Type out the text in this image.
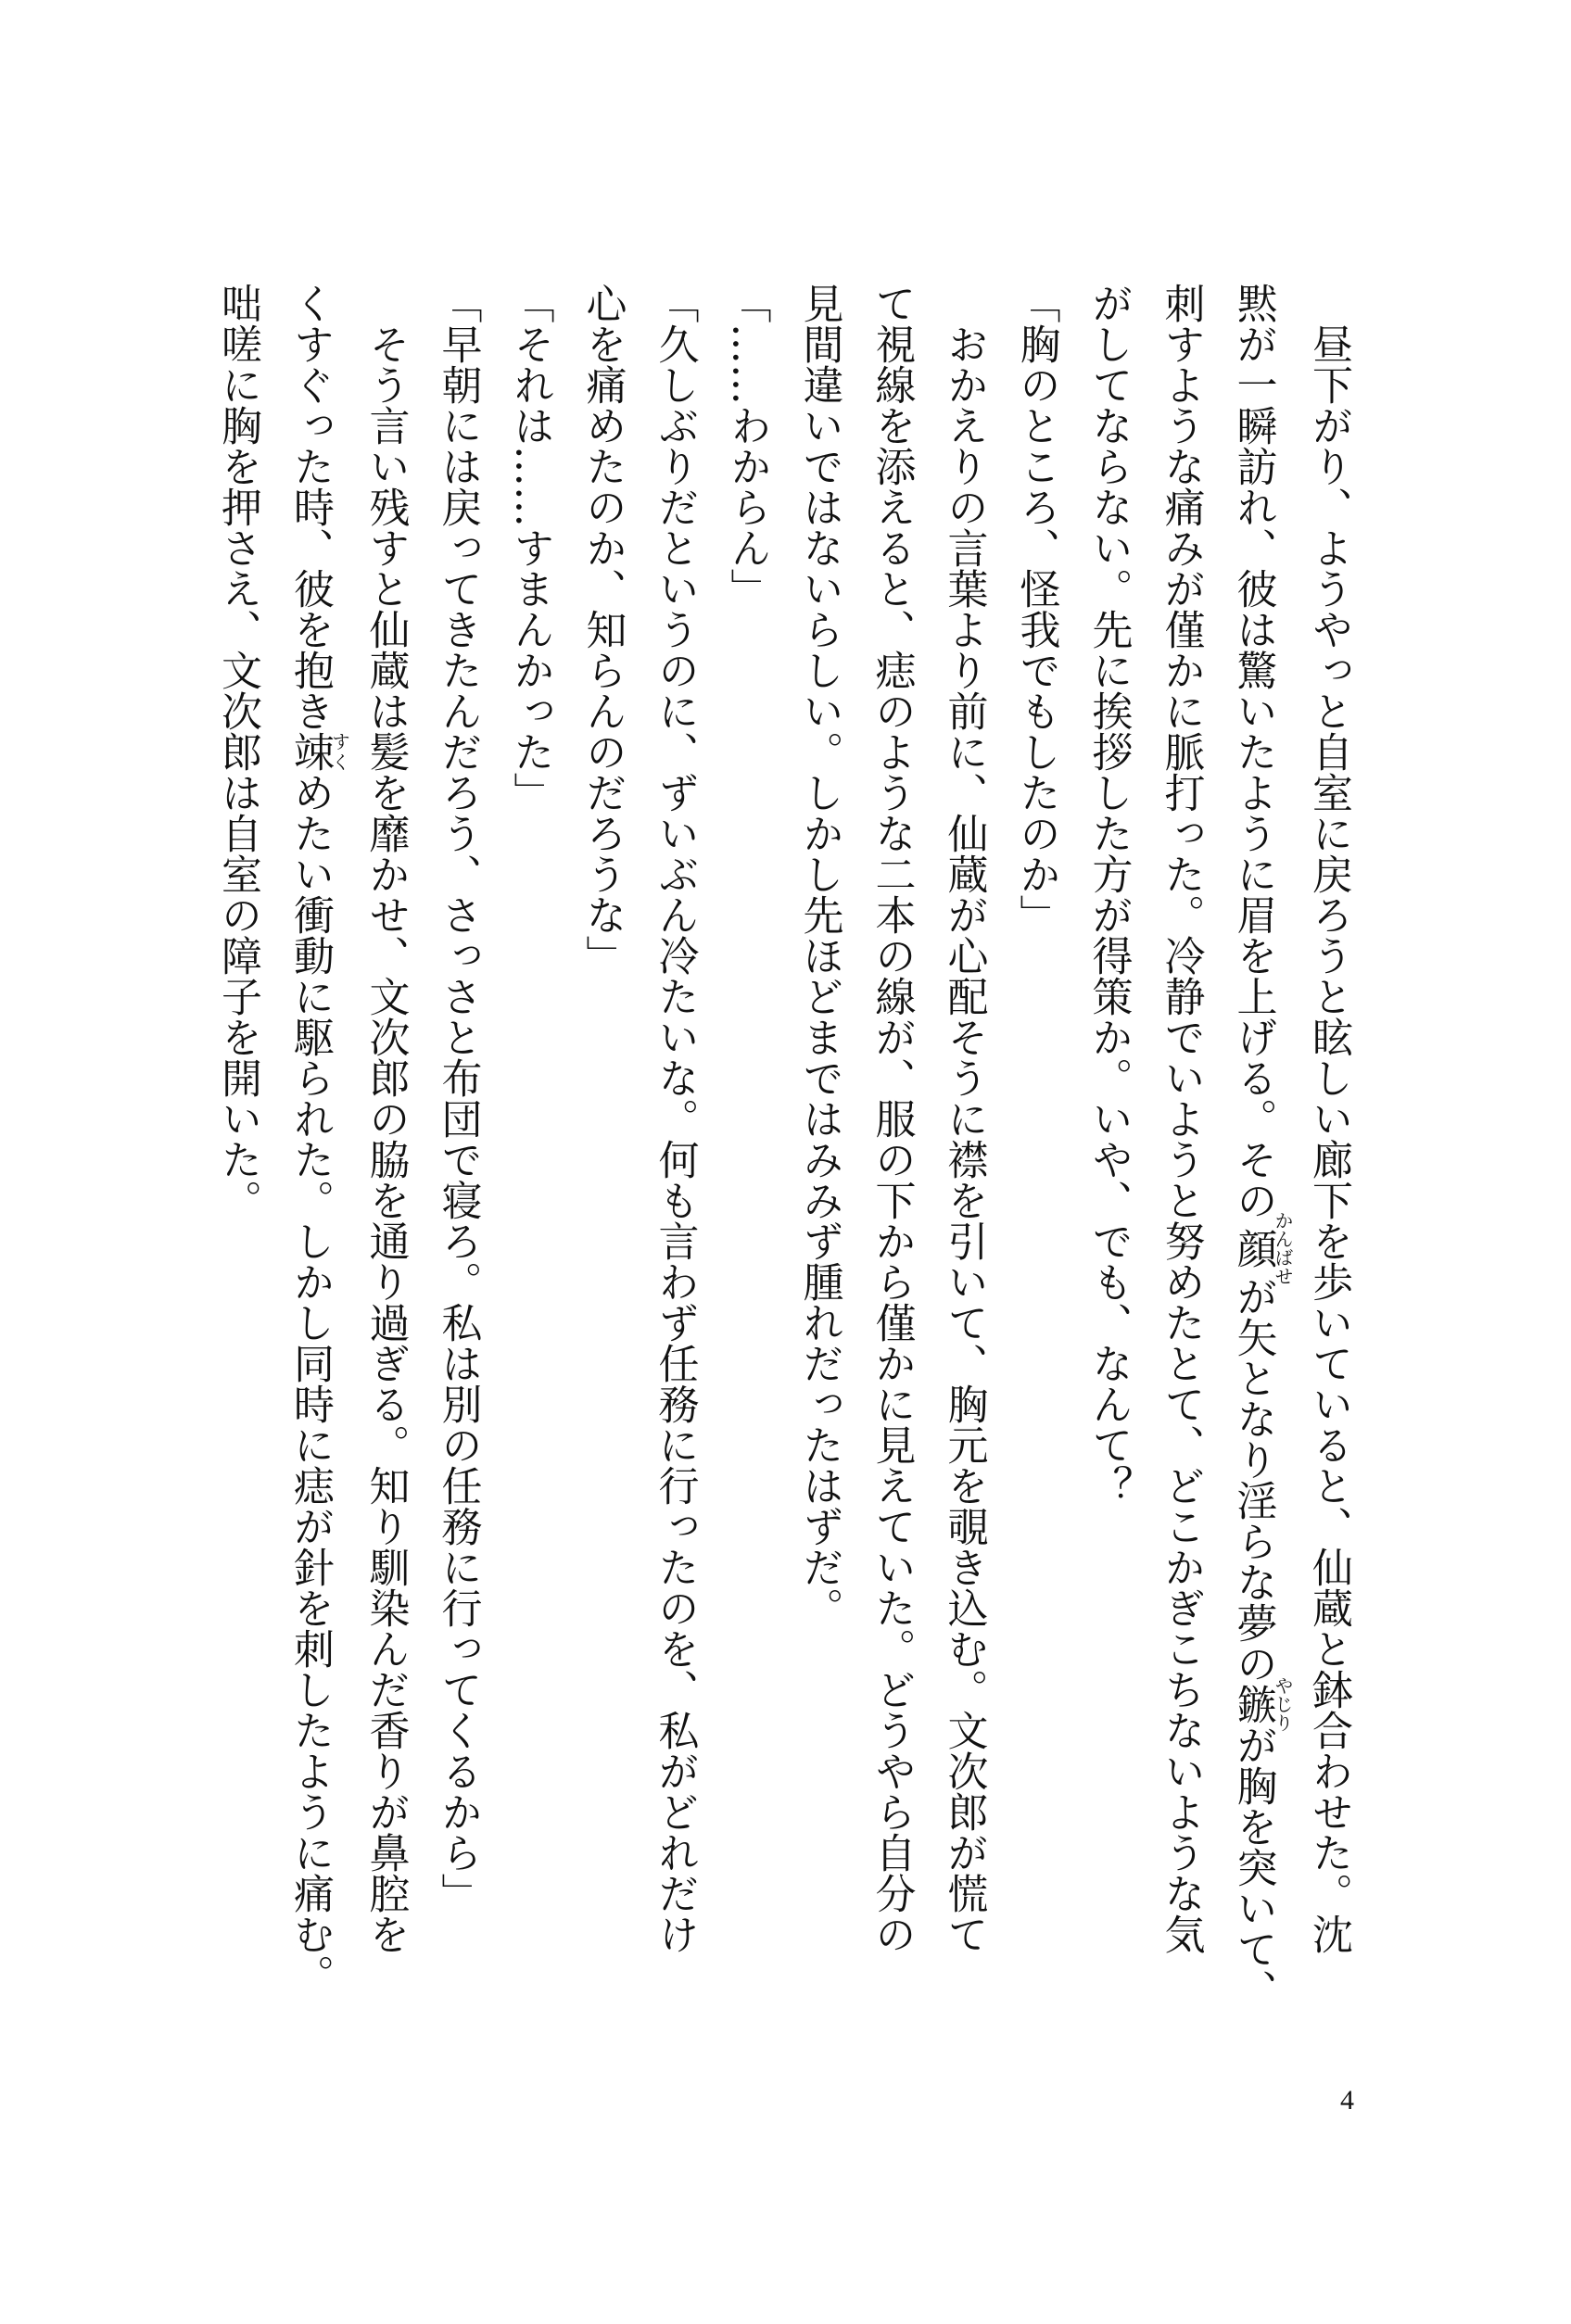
　昼下がり、ようやっと自室に戻ろうと眩しい廊下を歩いていると、仙蔵と鉢合わせた。沈
黙が一瞬訪れ、彼は驚いたように眉を上げる。その顔かんばせが矢となり淫らな夢の鏃やじりが胸を突いて、
刺すような痛みが僅かに脈打った。冷静でいようと努めたとて、どこかぎこちないような気
がしてならない。先に挨拶した方が得策か。いや、でも、なんて？
「胸のところ、怪我でもしたのか」
　おかえりの言葉より前に、仙蔵が心配そうに襟を引いて、胸元を覗き込む。文次郎が慌て
て視線を添えると、痣のような二本の線が、服の下から僅かに見えていた。どうやら自分の
見間違いではないらしい。しかし先ほどまではみみず腫れだったはずだ。
「……わからん」
「久しぶりだというのに、ずいぶん冷たいな。何も言わず任務に行ったのを、私がどれだけ
心を痛めたのか、知らんのだろうな」
「それは……すまんかった」
「早朝には戻ってきたんだろう、さっさと布団で寝ろ。私は別の任務に行ってくるから」
　そう言い残すと仙蔵は髪を靡かせ、文次郎の脇を通り過ぎる。知り馴染んだ香りが鼻腔を
くすぐった時、彼を抱き竦すくめたい衝動に駆られた。しかし同時に痣が針を刺したように痛む。
咄嗟に胸を押さえ、文次郎は自室の障子を開いた。
4
